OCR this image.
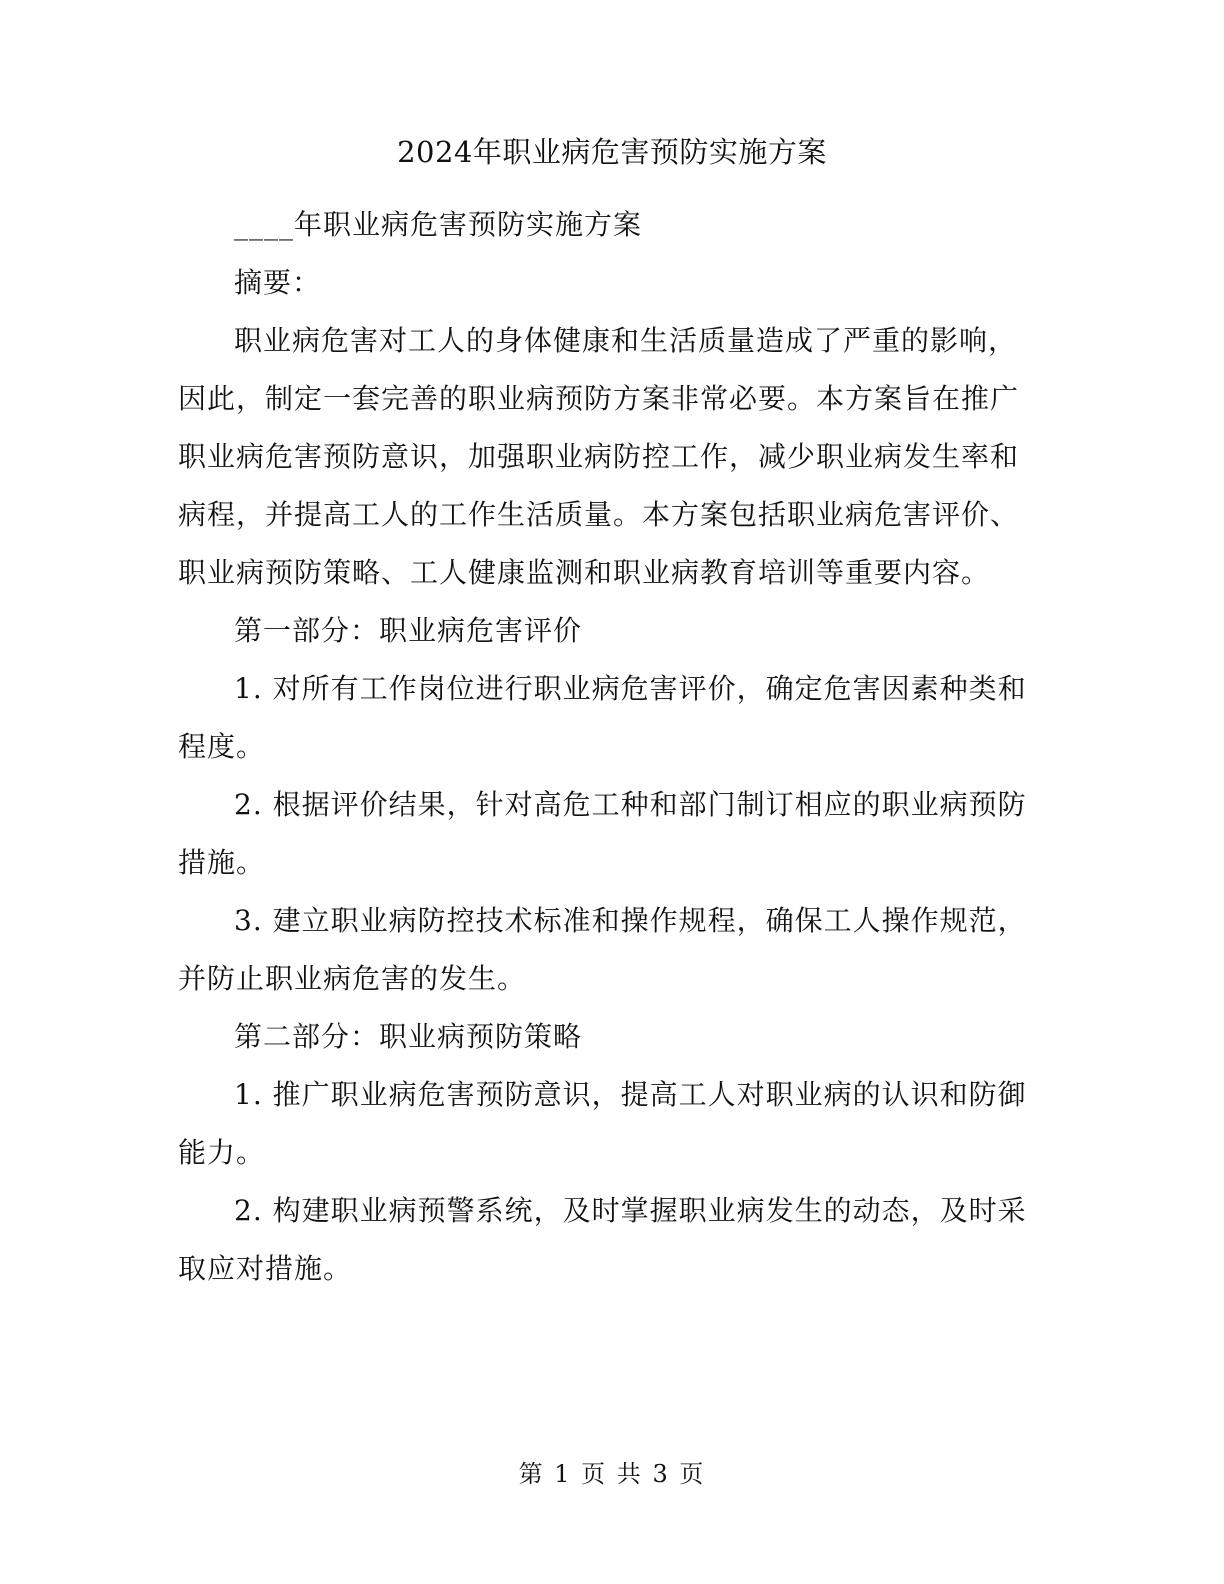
2024年职业病危害预防实施方案

____年职业病危害预防实施方案

摘要：

职业病危害对工人的身体健康和生活质量造成了严重的影响，因此，制定一套完善的职业病预防方案非常必要。本方案旨在推广职业病危害预防意识，加强职业病防控工作，减少职业病发生率和病程，并提高工人的工作生活质量。本方案包括职业病危害评价、职业病预防策略、工人健康监测和职业病教育培训等重要内容。

第一部分：职业病危害评价

1. 对所有工作岗位进行职业病危害评价，确定危害因素种类和程度。

2. 根据评价结果，针对高危工种和部门制订相应的职业病预防措施。

3. 建立职业病防控技术标准和操作规程，确保工人操作规范，并防止职业病危害的发生。

第二部分：职业病预防策略

1. 推广职业病危害预防意识，提高工人对职业病的认识和防御能力。

2. 构建职业病预警系统，及时掌握职业病发生的动态，及时采取应对措施。

第 1 页 共 3 页
